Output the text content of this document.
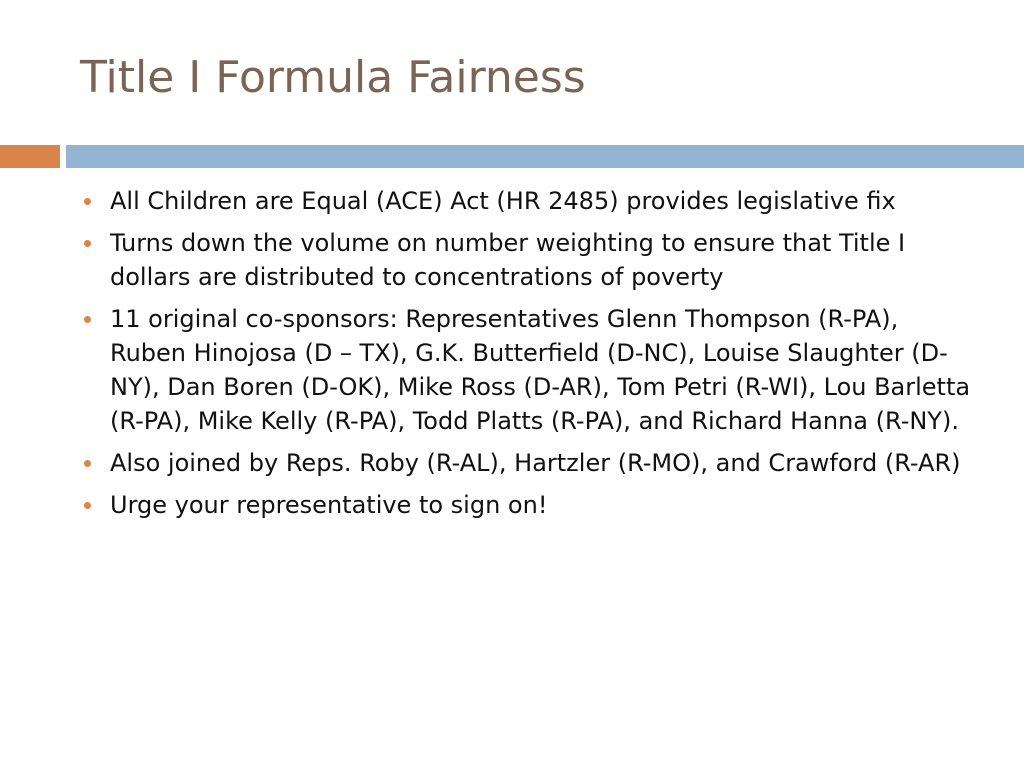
Title I Formula Fairness
All Children are Equal (ACE) Act (HR 2485) provides legislative fix
Turns down the volume on number weighting to ensure that Title I dollars are distributed to concentrations of poverty
11 original co-sponsors: Representatives Glenn Thompson (R-PA), Ruben Hinojosa (D – TX), G.K. Butterfield (D-NC), Louise Slaughter (D-NY), Dan Boren (D-OK), Mike Ross (D-AR), Tom Petri (R-WI), Lou Barletta (R-PA), Mike Kelly (R-PA), Todd Platts (R-PA), and Richard Hanna (R-NY).
Also joined by Reps. Roby (R-AL), Hartzler (R-MO), and Crawford (R-AR)
Urge your representative to sign on!
